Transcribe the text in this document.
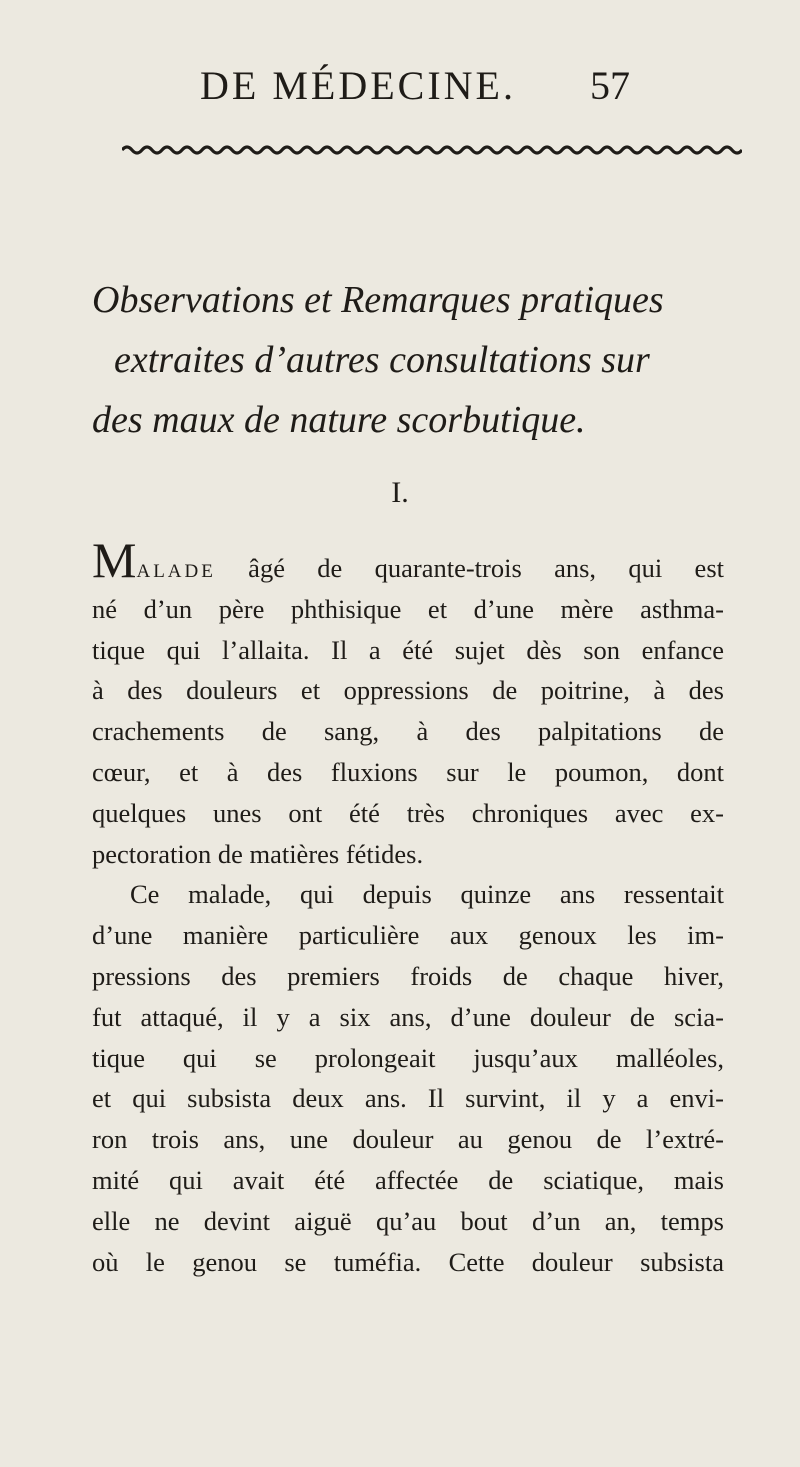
DE MÉDECINE. 57
Observations et Remarques pratiques
extraites d’autres consultations sur
des maux de nature scorbutique.
I.
Malade âgé de quarante-trois ans, qui est
né d’un père phthisique et d’une mère asthma-
tique qui l’allaita. Il a été sujet dès son enfance
à des douleurs et oppressions de poitrine, à des
crachements de sang, à des palpitations de
cœur, et à des fluxions sur le poumon, dont
quelques unes ont été très chroniques avec ex-
pectoration de matières fétides.
Ce malade, qui depuis quinze ans ressentait
d’une manière particulière aux genoux les im-
pressions des premiers froids de chaque hiver,
fut attaqué, il y a six ans, d’une douleur de scia-
tique qui se prolongeait jusqu’aux malléoles,
et qui subsista deux ans. Il survint, il y a envi-
ron trois ans, une douleur au genou de l’extré-
mité qui avait été affectée de sciatique, mais
elle ne devint aiguë qu’au bout d’un an, temps
où le genou se tuméfia. Cette douleur subsista
